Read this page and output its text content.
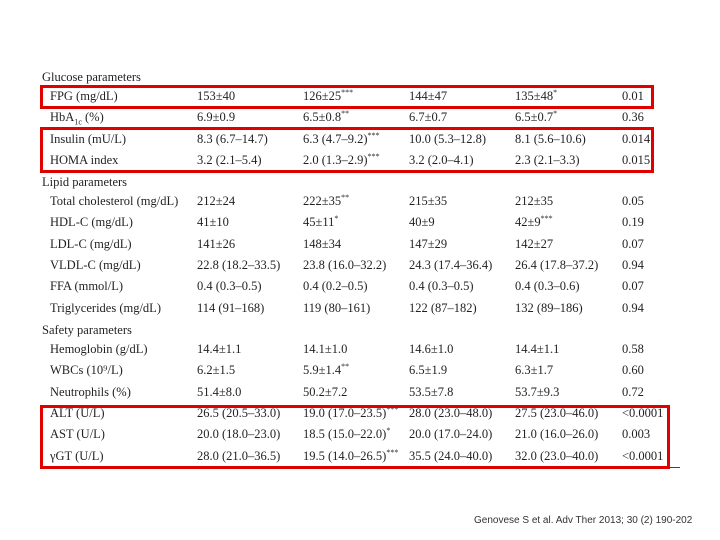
Glucose parameters
FPG (mg/dL)	153±40	126±25***	144±47	135±48*	0.01
HbA$_{1c}$ (%)	6.9±0.9	6.5±0.8**	6.7±0.7	6.5±0.7*	0.36
Insulin (mU/L)	8.3 (6.7–14.7)	6.3 (4.7–9.2)*** 10.0 (5.3–12.8) 8.1 (5.6–10.6)	0.014
HOMA index	3.2 (2.1–5.4)	2.0 (1.3–2.9)*** 3.2 (2.0–4.1)	2.3 (2.1–3.3)	0.015
Lipid parameters
Total cholesterol (mg/dL) 212±24	222±35**	215±35	212±35	0.05
HDL-C (mg/dL)	41±10	45±11*	40±9	42±9***	0.19
LDL-C (mg/dL)	141±26	148±34	147±29	142±27	0.07
VLDL-C (mg/dL)	22.8 (18.2–33.5) 23.8 (16.0–32.2) 24.3 (17.4–36.4) 26.4 (17.8–37.2) 0.94
FFA (mmol/L)	0.4 (0.3–0.5)	0.4 (0.2–0.5)	0.4 (0.3–0.5)	0.4 (0.3–0.6)	0.07
Triglycerides (mg/dL)	114 (91–168)	119 (80–161)	122 (87–182)	132 (89–186)	0.94
Safety parameters
Hemoglobin (g/dL)	14.4±1.1	14.1±1.0	14.6±1.0	14.4±1.1	0.58
WBCs (10⁹/L)	6.2±1.5	5.9±1.4**	6.5±1.9	6.3±1.7	0.60
Neutrophils (%)	51.4±8.0	50.2±7.2	53.5±7.8	53.7±9.3	0.72
ALT (U/L)	26.5 (20.5–33.0) 19.0 (17.0–23.5)*** 28.0 (23.0–48.0) 27.5 (23.0–46.0) <0.0001
AST (U/L)	20.0 (18.0–23.0) 18.5 (15.0–22.0)* 20.0 (17.0–24.0) 21.0 (16.0–26.0) 0.003
γGT (U/L)	28.0 (21.0–36.5) 19.5 (14.0–26.5)*** 35.5 (24.0–40.0) 32.0 (23.0–40.0) <0.0001
Genovese S et al. Adv Ther 2013; 30 (2) 190-202
